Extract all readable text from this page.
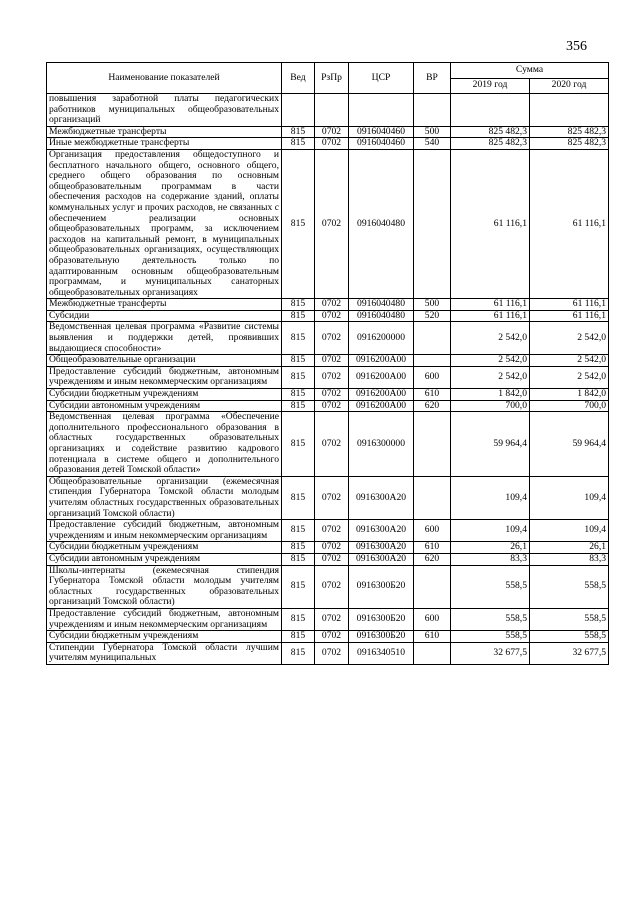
356
Наименование показателей	Вед	РзПр	ЦСР	ВР	Сумма	
					2019 год	2020 год
повышения заработной платы педагогических работников муниципальных общеобразовательных организаций						
Межбюджетные трансферты	815	0702	0916040460	500	825 482,3	825 482,3
Иные межбюджетные трансферты	815	0702	0916040460	540	825 482,3	825 482,3
Организация предоставления общедоступного и бесплатного начального общего, основного общего, среднего общего образования по основным общеобразовательным программам в части обеспечения расходов на содержание зданий, оплаты коммунальных услуг и прочих расходов, не связанных с обеспечением реализации основных общеобразовательных программ, за исключением расходов на капитальный ремонт, в муниципальных общеобразовательных организациях, осуществляющих образовательную деятельность только по адаптированным основным общеобразовательным программам, и муниципальных санаторных общеобразовательных организациях	815	0702	0916040480		61 116,1	61 116,1
Межбюджетные трансферты	815	0702	0916040480	500	61 116,1	61 116,1
Субсидии	815	0702	0916040480	520	61 116,1	61 116,1
Ведомственная целевая программа «Развитие системы выявления и поддержки детей, проявивших выдающиеся способности»	815	0702	0916200000		2 542,0	2 542,0
Общеобразовательные организации	815	0702	0916200А00		2 542,0	2 542,0
Предоставление субсидий бюджетным, автономным учреждениям и иным некоммерческим организациям	815	0702	0916200А00	600	2 542,0	2 542,0
Субсидии бюджетным учреждениям	815	0702	0916200А00	610	1 842,0	1 842,0
Субсидии автономным учреждениям	815	0702	0916200А00	620	700,0	700,0
Ведомственная целевая программа «Обеспечение дополнительного профессионального образования в областных государственных образовательных организациях и содействие развитию кадрового потенциала в системе общего и дополнительного образования детей Томской области»	815	0702	0916300000		59 964,4	59 964,4
Общеобразовательные организации (ежемесячная стипендия Губернатора Томской области молодым учителям областных государственных образовательных организаций Томской области)	815	0702	0916300А20		109,4	109,4
Предоставление субсидий бюджетным, автономным учреждениям и иным некоммерческим организациям	815	0702	0916300А20	600	109,4	109,4
Субсидии бюджетным учреждениям	815	0702	0916300А20	610	26,1	26,1
Субсидии автономным учреждениям	815	0702	0916300А20	620	83,3	83,3
Школы-интернаты (ежемесячная стипендия Губернатора Томской области молодым учителям областных государственных образовательных организаций Томской области)	815	0702	0916300Б20		558,5	558,5
Предоставление субсидий бюджетным, автономным учреждениям и иным некоммерческим организациям	815	0702	0916300Б20	600	558,5	558,5
Субсидии бюджетным учреждениям	815	0702	0916300Б20	610	558,5	558,5
Стипендии Губернатора Томской области лучшим учителям муниципальных	815	0702	0916340510		32 677,5	32 677,5
